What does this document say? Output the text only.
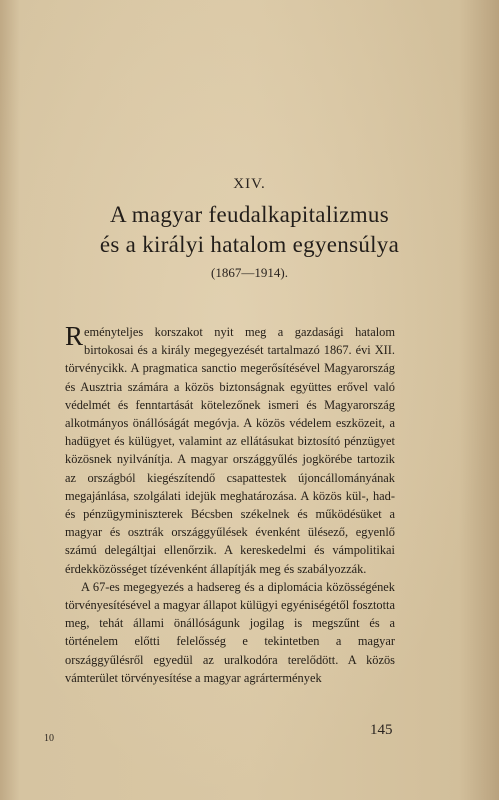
XIV.
A magyar feudalkapitalizmus
és a királyi hatalom egyensúlya
(1867—1914).

Reményteljes korszakot nyit meg a gazdasági hatalom birtokosai és a király megegyezését tartalmazó 1867. évi XII. törvénycikk. A pragmatica sanctio megerősítésével Magyarország és Ausztria számára a közös biztonságnak együttes erővel való védelmét és fenntartását kötelezőnek ismeri és Magyarország alkotmányos önállóságát megóvja. A közös védelem eszközeit, a hadügyet és külügyet, valamint az ellátásukat biztosító pénzügyet közösnek nyilvánítja. A magyar országgyűlés jogkörébe tartozik az országból kiegészítendő csapattestek újoncállományának megajánlása, szolgálati idejük meghatározása. A közös kül-, had- és pénzügyminiszterek Bécsben székelnek és működésüket a magyar és osztrák országgyűlések évenként ülésező, egyenlő számú delegáltjai ellenőrzik. A kereskedelmi és vámpolitikai érdekközösséget tízévenként állapítják meg és szabályozzák.

A 67-es megegyezés a hadsereg és a diplomácia közösségének törvényesítésével a magyar állapot külügyi egyéniségétől fosztotta meg, tehát állami önállóságunk jogilag is megszűnt és a történelem előtti felelősség e tekintetben a magyar országgyűlésről egyedül az uralkodóra terelődött. A közös vámterület törvényesítése a magyar agrártermények

10
145
